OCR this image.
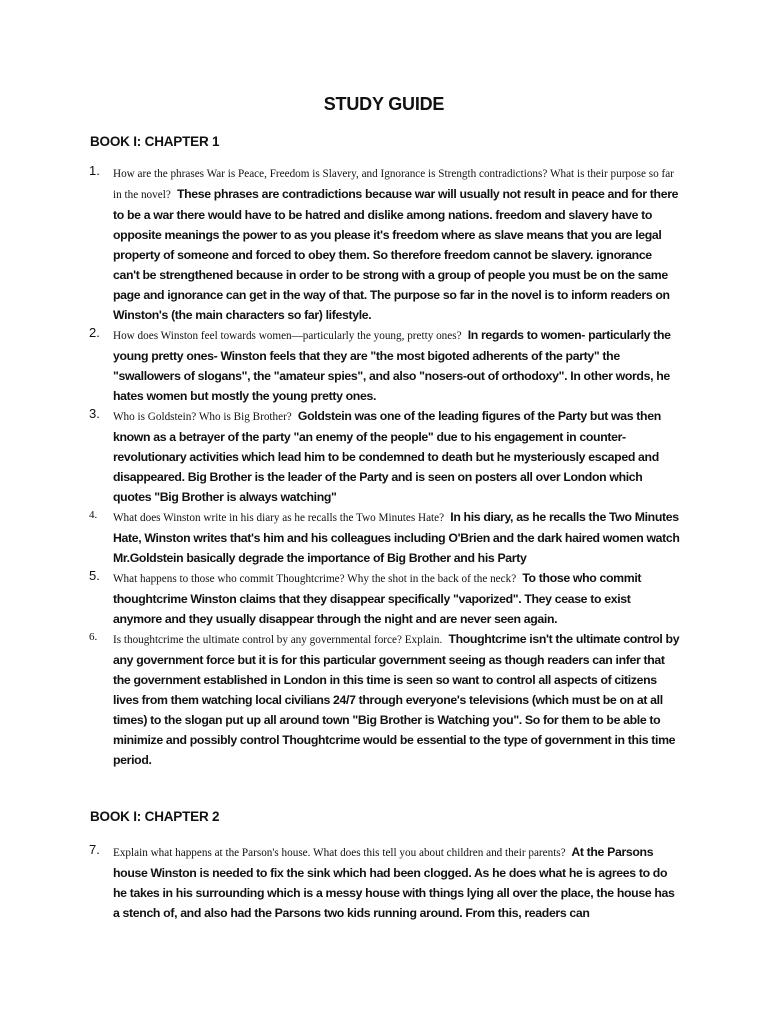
STUDY GUIDE
BOOK I: CHAPTER 1
1. How are the phrases War is Peace, Freedom is Slavery, and Ignorance is Strength contradictions? What is their purpose so far in the novel? These phrases are contradictions because war will usually not result in peace and for there to be a war there would have to be hatred and dislike among nations. freedom and slavery have to opposite meanings the power to as you please it's freedom where as slave means that you are legal property of someone and forced to obey them. So therefore freedom cannot be slavery. ignorance can't be strengthened because in order to be strong with a group of people you must be on the same page and ignorance can get in the way of that. The purpose so far in the novel is to inform readers on Winston's (the main characters so far) lifestyle.
2. How does Winston feel towards women—particularly the young, pretty ones? In regards to women- particularly the young pretty ones- Winston feels that they are "the most bigoted adherents of the party" the "swallowers of slogans", the "amateur spies", and also "nosers-out of orthodoxy". In other words, he hates women but mostly the young pretty ones.
3. Who is Goldstein? Who is Big Brother? Goldstein was one of the leading figures of the Party but was then known as a betrayer of the party "an enemy of the people" due to his engagement in counter-revolutionary activities which lead him to be condemned to death but he mysteriously escaped and disappeared. Big Brother is the leader of the Party and is seen on posters all over London which quotes "Big Brother is always watching"
4. What does Winston write in his diary as he recalls the Two Minutes Hate? In his diary, as he recalls the Two Minutes Hate, Winston writes that's him and his colleagues including O'Brien and the dark haired women watch Mr.Goldstein basically degrade the importance of Big Brother and his Party
5. What happens to those who commit Thoughtcrime? Why the shot in the back of the neck? To those who commit thoughtcrime Winston claims that they disappear specifically "vaporized". They cease to exist anymore and they usually disappear through the night and are never seen again.
6. Is thoughtcrime the ultimate control by any governmental force? Explain. Thoughtcrime isn't the ultimate control by any government force but it is for this particular government seeing as though readers can infer that the government established in London in this time is seen so want to control all aspects of citizens lives from them watching local civilians 24/7 through everyone's televisions (which must be on at all times) to the slogan put up all around town "Big Brother is Watching you". So for them to be able to minimize and possibly control Thoughtcrime would be essential to the type of government in this time period.
BOOK I: CHAPTER 2
7. Explain what happens at the Parson's house. What does this tell you about children and their parents? At the Parsons house Winston is needed to fix the sink which had been clogged. As he does what he is agrees to do he takes in his surrounding which is a messy house with things lying all over the place, the house has a stench of, and also had the Parsons two kids running around. From this, readers can
